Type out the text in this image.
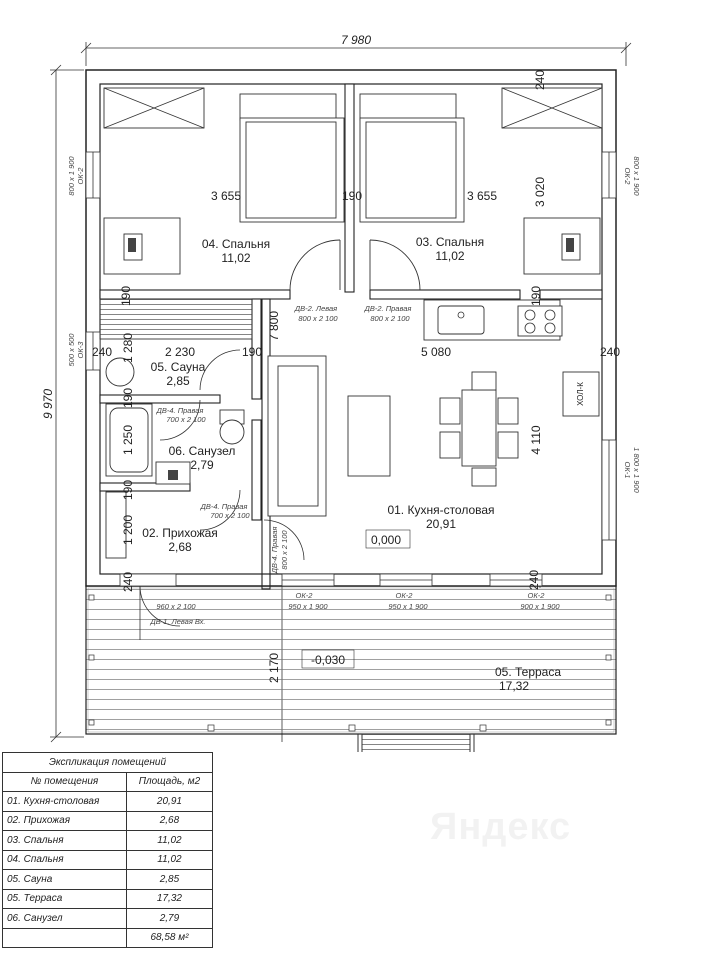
7 980
9 970
3 655	190	3 655	3 020
240
190	190
240	2 230	190	5 080	240
1 280
190
1 250
190
1 200
240	240
7 800
4 110
2 170
04. Спальня
11,02
03. Спальня
11,02
05. Сауна
2,85
06. Санузел
2,79
02. Прихожая
2,68
01. Кухня-столовая
20,91
05. Терраса
17,32
0,000
-0,030
ХОЛ-К
ДВ-2. Левая
800 x 2 100
ДВ-2. Правая
800 x 2 100
ДВ-4. Правая
700 x 2 100
ДВ-4. Правая
700 x 2 100
ДВ-4. Правая 800 x 2 100
960 x 2 100
ДВ-1. Левая Вх.
ОК-2
800 x 1 900	ОК-2 800 x 1 900
ОК-3
500 x 500
ОК-1 1 800 x 1 900
ОК-2
950 x 1 900
ОК-2
950 x 1 900
ОК-2
900 x 1 900
Экспликация помещений	
№ помещения	Площадь, м2
01. Кухня-столовая	20,91
02. Прихожая	2,68
03. Спальня	11,02
04. Спальня	11,02
05. Сауна	2,85
05. Терраса	17,32
06. Санузел	2,79
	68,58 м²
Яндекс
